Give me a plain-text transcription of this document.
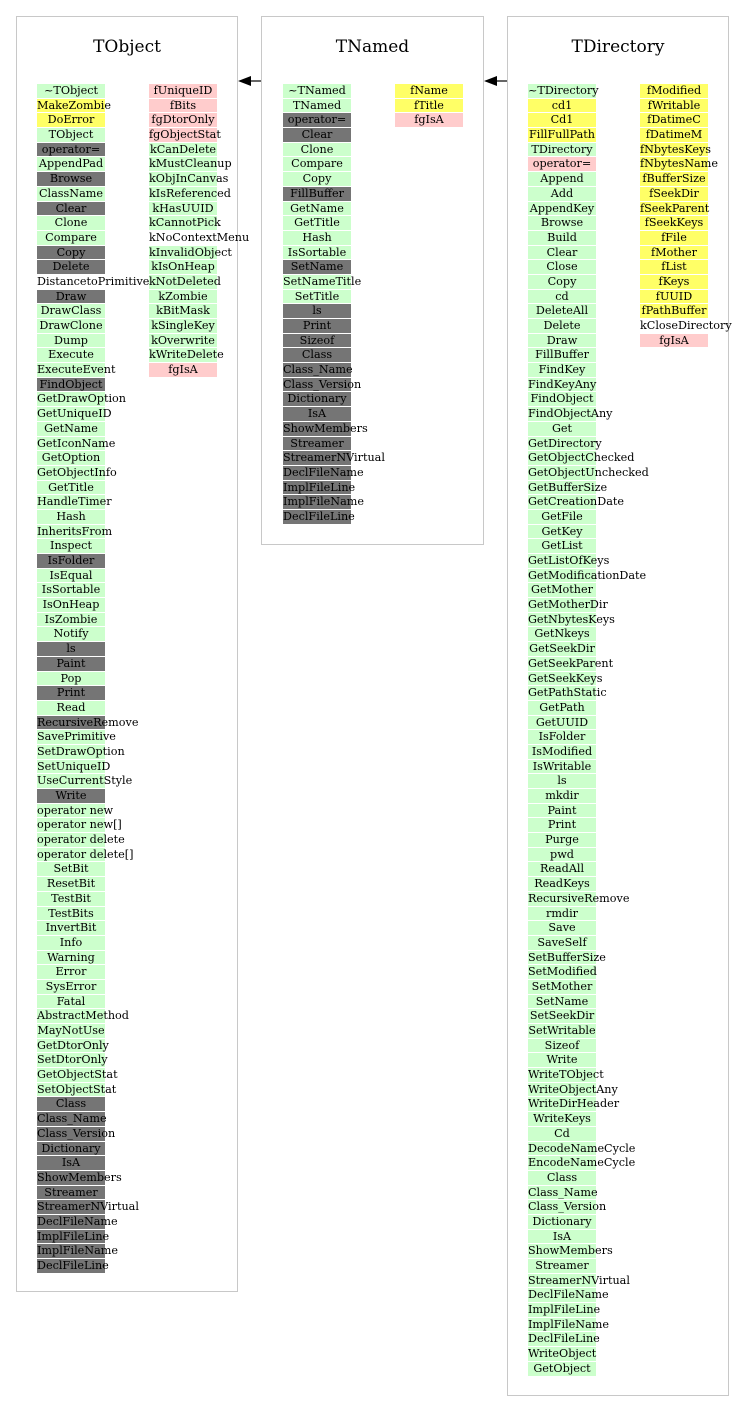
TObject	TNamed	TDirectory
~TObject
MakeZombie
DoError
TObject
operator=
AppendPad
Browse
ClassName
Clear
Clone
Compare
Copy
Delete
DistancetoPrimitive
Draw
DrawClass
DrawClone
Dump
Execute
ExecuteEvent
FindObject
GetDrawOption
GetUniqueID
GetName
GetIconName
GetOption
GetObjectInfo
GetTitle
HandleTimer
Hash
InheritsFrom
Inspect
IsFolder
IsEqual
IsSortable
IsOnHeap
IsZombie
Notify
ls
Paint
Pop
Print
Read
RecursiveRemove
SavePrimitive
SetDrawOption
SetUniqueID
UseCurrentStyle
Write
operator new
operator new[]
operator delete
operator delete[]
SetBit
ResetBit
TestBit
TestBits
InvertBit
Info
Warning
Error
SysError
Fatal
AbstractMethod
MayNotUse
GetDtorOnly
SetDtorOnly
GetObjectStat
SetObjectStat
Class
Class_Name
Class_Version
Dictionary
IsA
ShowMembers
Streamer
StreamerNVirtual
DeclFileName
ImplFileLine
ImplFileName
DeclFileLine
fUniqueID
fBits
fgDtorOnly
fgObjectStat
kCanDelete
kMustCleanup
kObjInCanvas
kIsReferenced
kHasUUID
kCannotPick
kNoContextMenu
kInvalidObject
kIsOnHeap
kNotDeleted
kZombie
kBitMask
kSingleKey
kOverwrite
kWriteDelete
fgIsA
~TNamed
TNamed
operator=
Clear
Clone
Compare
Copy
FillBuffer
GetName
GetTitle
Hash
IsSortable
SetName
SetNameTitle
SetTitle
ls
Print
Sizeof
Class
Class_Name
Class_Version
Dictionary
IsA
ShowMembers
Streamer
StreamerNVirtual
DeclFileName
ImplFileLine
ImplFileName
DeclFileLine
fName
fTitle
fgIsA
~TDirectory
cd1
Cd1
FillFullPath
TDirectory
operator=
Append
Add
AppendKey
Browse
Build
Clear
Close
Copy
cd
DeleteAll
Delete
Draw
FillBuffer
FindKey
FindKeyAny
FindObject
FindObjectAny
Get
GetDirectory
GetObjectChecked
GetObjectUnchecked
GetBufferSize
GetCreationDate
GetFile
GetKey
GetList
GetListOfKeys
GetModificationDate
GetMother
GetMotherDir
GetNbytesKeys
GetNkeys
GetSeekDir
GetSeekParent
GetSeekKeys
GetPathStatic
GetPath
GetUUID
IsFolder
IsModified
IsWritable
ls
mkdir
Paint
Print
Purge
pwd
ReadAll
ReadKeys
RecursiveRemove
rmdir
Save
SaveSelf
SetBufferSize
SetModified
SetMother
SetName
SetSeekDir
SetWritable
Sizeof
Write
WriteTObject
WriteObjectAny
WriteDirHeader
WriteKeys
Cd
DecodeNameCycle
EncodeNameCycle
Class
Class_Name
Class_Version
Dictionary
IsA
ShowMembers
Streamer
StreamerNVirtual
DeclFileName
ImplFileLine
ImplFileName
DeclFileLine
WriteObject
GetObject
fModified
fWritable
fDatimeC
fDatimeM
fNbytesKeys
fNbytesName
fBufferSize
fSeekDir
fSeekParent
fSeekKeys
fFile
fMother
fList
fKeys
fUUID
fPathBuffer
kCloseDirectory
fgIsA
